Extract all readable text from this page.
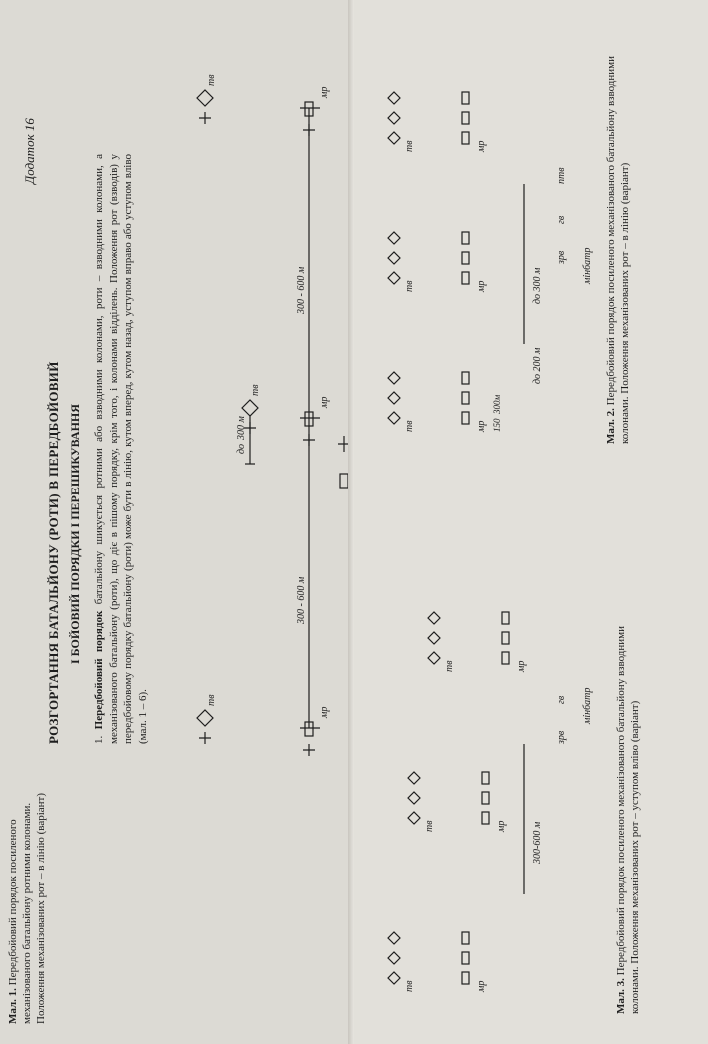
Додаток 16
РОЗГОРТАННЯ БАТАЛЬЙОНУ (РОТИ) В ПЕРЕДБОЙОВИЙ І БОЙОВИЙ ПОРЯДКИ І ПЕРЕШИКУВАННЯ
1. Передбойовий порядок батальйону шикується ротними або взводними колонами, роти – взводними колонами, а механізованого батальйону (роти), що діє в пішому порядку, крім того, і колонами відділень. Положення рот (взводів) у передбойовому порядку батальйону (роти) може бути в лінію, кутом вперед, кутом назад, уступом вправо або уступом вліво (мал. 1 – 6).	тв
тв
тв
мр
мр
мр
300 - 600 м
300 - 600 м
до
300 м
Мал. 1. Передбойовий порядок посиленого механізованого батальйону ротними колонами. Положення механізованих рот – в лінію (варіант)
тв
тв
тв
мр
мр
мр
до 300 м
до 200 м
зрв
гв
птв
мінбатр
150
300м
Мал. 2. Передбойовий порядок посиленого механізованого батальйону взводними колонами. Положення механізованих рот – в лінію (варіант)
тв
тв
тв
мр
мр
мр
300-600 м
зрв
гв мінбатр
Мал. 3. Передбойовий порядок посиленого механізованого батальйону взводними колонами. Положення механізованих рот – уступом вліво (варіант)
